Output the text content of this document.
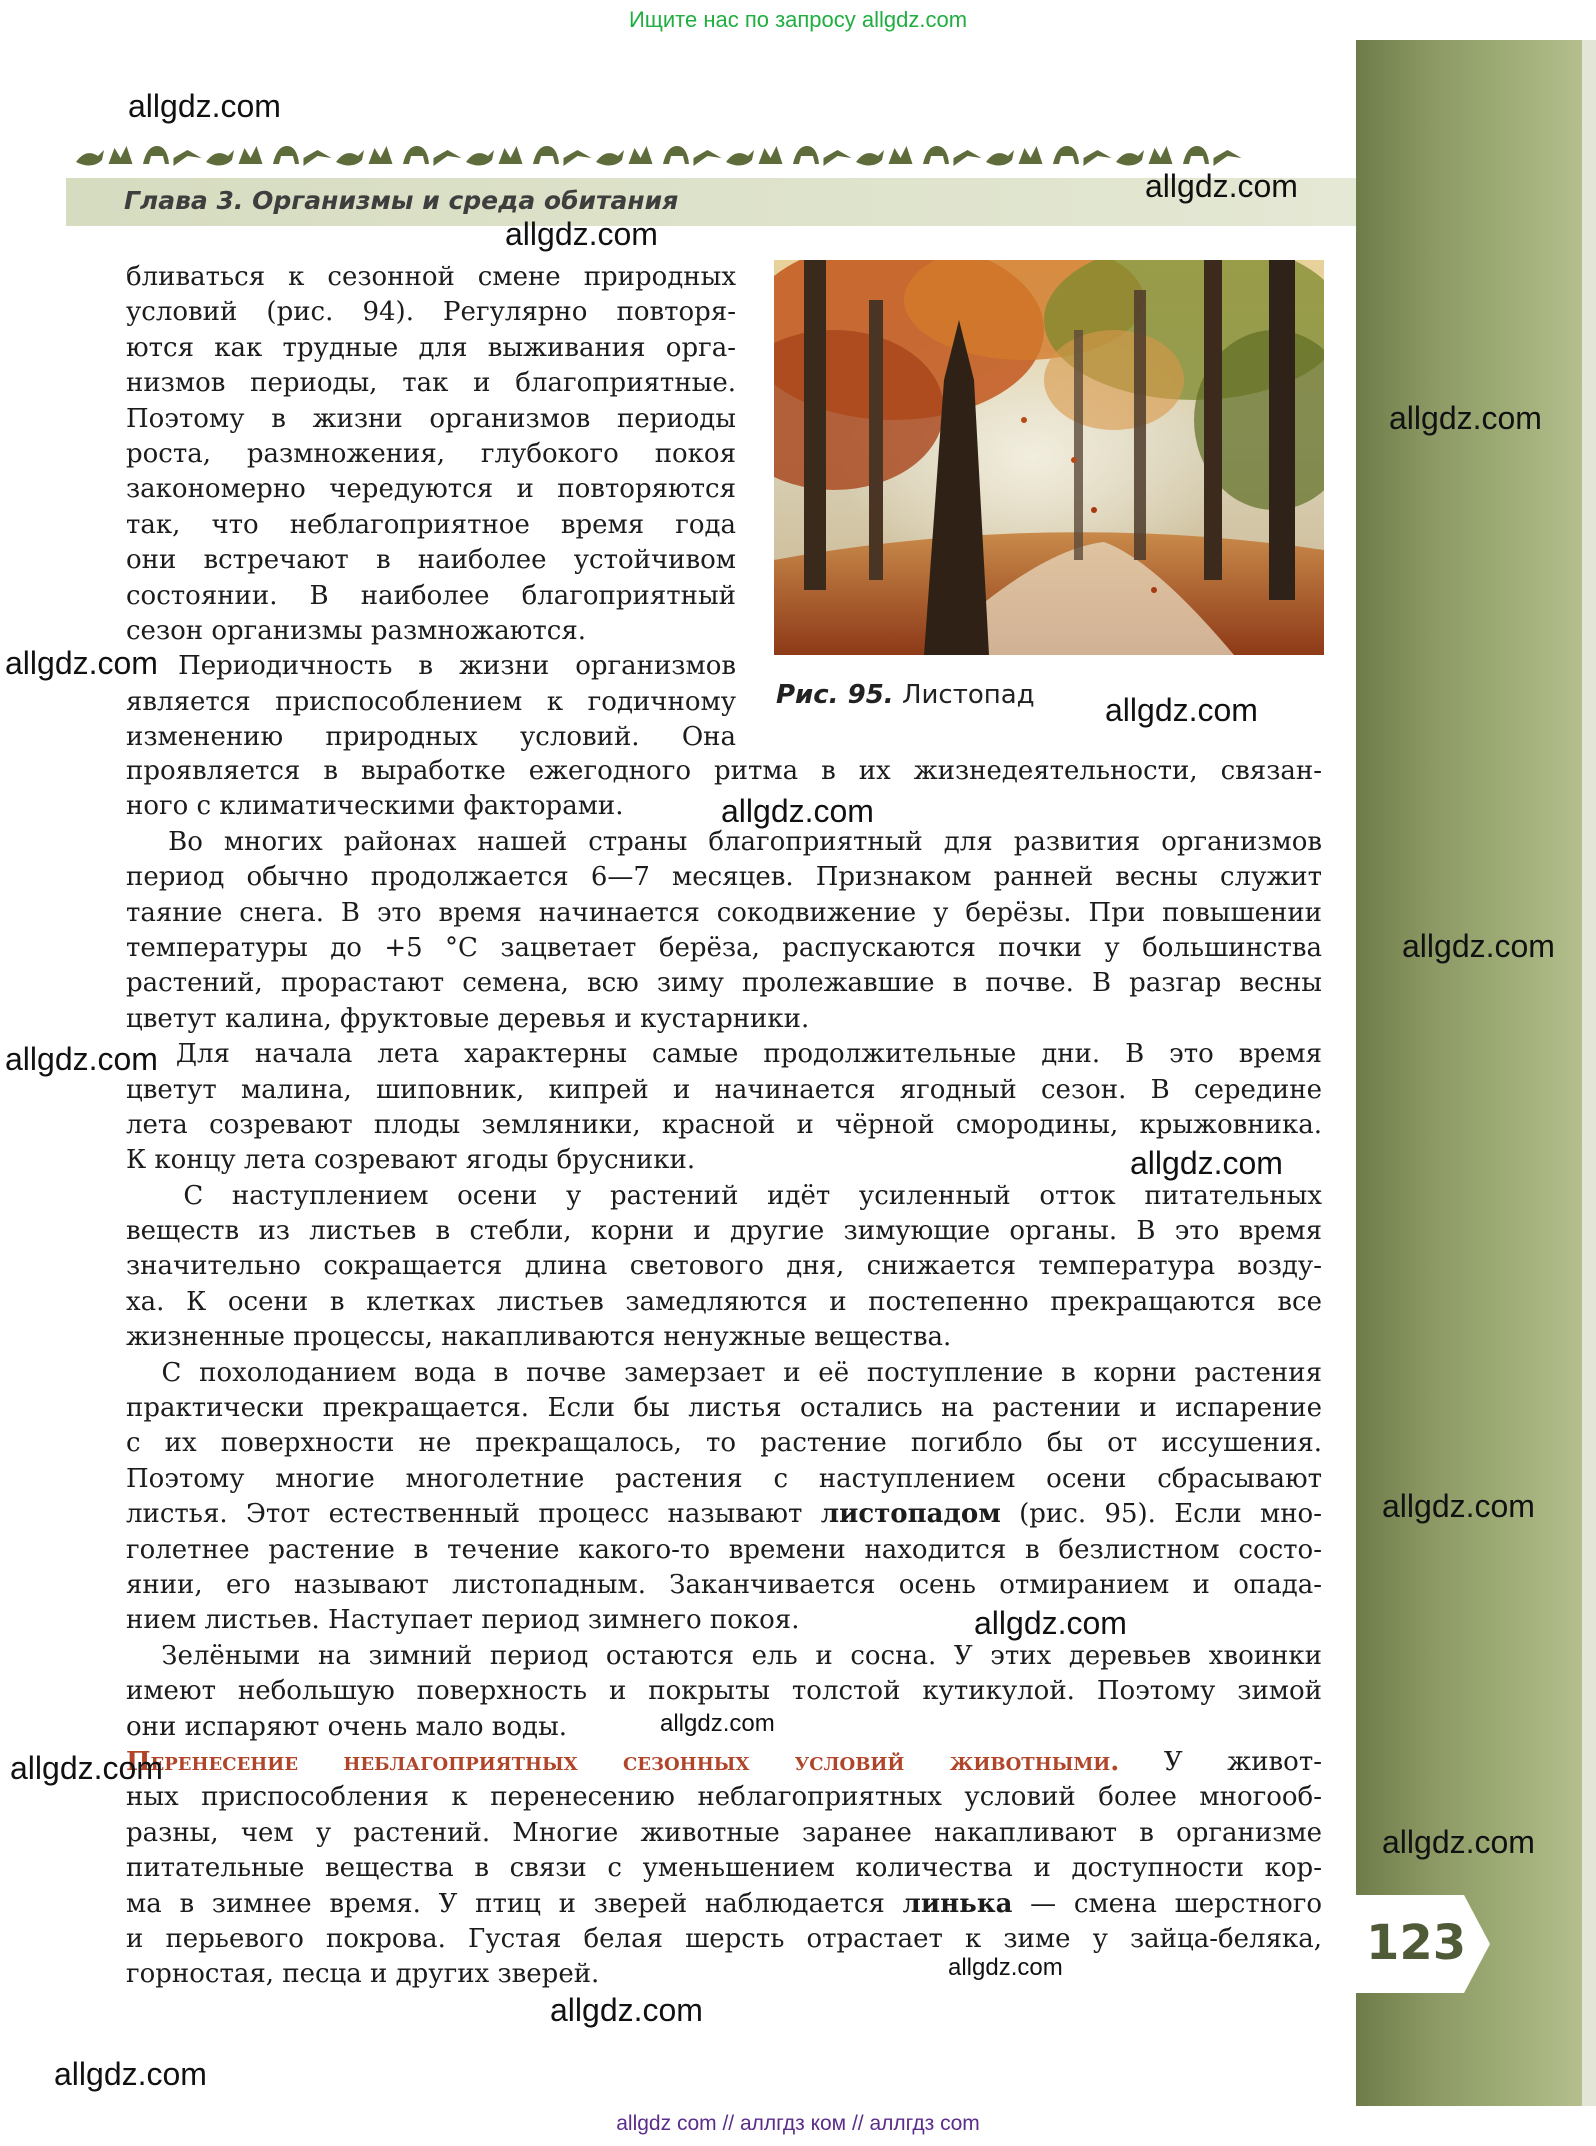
Ищите нас по запросу allgdz.com
Глава 3. Организмы и среда обитания
Рис. 95. Листопад
бливаться к сезонной смене природных
условий (рис. 94). Регулярно повторя-
ются как трудные для выживания орга-
низмов периоды, так и благоприятные.
Поэтому в жизни организмов периоды
роста, размножения, глубокого покоя
закономерно чередуются и повторяются
так, что неблагоприятное время года
они встречают в наиболее устойчивом
состоянии. В наиболее благоприятный
сезон организмы размножаются.
Периодичность в жизни организмов
является приспособлением к годичному
изменению природных условий. Она
проявляется в выработке ежегодного ритма в их жизнедеятельности, связан-
ного с климатическими факторами.
Во многих районах нашей страны благоприятный для развития организмов
период обычно продолжается 6—7 месяцев. Признаком ранней весны служит
таяние снега. В это время начинается сокодвижение у берёзы. При повышении
температуры до +5 °С зацветает берёза, распускаются почки у большинства
растений, прорастают семена, всю зиму пролежавшие в почве. В разгар весны
цветут калина, фруктовые деревья и кустарники.
Для начала лета характерны самые продолжительные дни. В это время
цветут малина, шиповник, кипрей и начинается ягодный сезон. В середине
лета созревают плоды земляники, красной и чёрной смородины, крыжовника.
К концу лета созревают ягоды брусники.
С наступлением осени у растений идёт усиленный отток питательных
веществ из листьев в стебли, корни и другие зимующие органы. В это время
значительно сокращается длина светового дня, снижается температура возду-
ха. К осени в клетках листьев замедляются и постепенно прекращаются все
жизненные процессы, накапливаются ненужные вещества.
С похолоданием вода в почве замерзает и её поступление в корни растения
практически прекращается. Если бы листья остались на растении и испарение
с их поверхности не прекращалось, то растение погибло бы от иссушения.
Поэтому многие многолетние растения с наступлением осени сбрасывают
листья. Этот естественный процесс называют листопадом (рис. 95). Если мно-
голетнее растение в течение какого-то времени находится в безлистном состо-
янии, его называют листопадным. Заканчивается осень отмиранием и опада-
нием листьев. Наступает период зимнего покоя.
Зелёными на зимний период остаются ель и сосна. У этих деревьев хвоинки
имеют небольшую поверхность и покрыты толстой кутикулой. Поэтому зимой
они испаряют очень мало воды.
Перенесение неблагоприятных сезонных условий животными. У живот-
ных приспособления к перенесению неблагоприятных условий более многооб-
разны, чем у растений. Многие животные заранее накапливают в организме
питательные вещества в связи с уменьшением количества и доступности кор-
ма в зимнее время. У птиц и зверей наблюдается линька — смена шерстного
и перьевого покрова. Густая белая шерсть отрастает к зиме у зайца-беляка,
горностая, песца и других зверей.
123
allgdz.com
allgdz.com
allgdz.com
allgdz.com
allgdz.com
allgdz.com
allgdz.com
allgdz.com
allgdz.com
allgdz.com
allgdz.com
allgdz.com
allgdz.com
allgdz.com
allgdz.com
allgdz.com
allgdz.com
allgdz.com
allgdz com // аллгдз ком // аллгдз com
